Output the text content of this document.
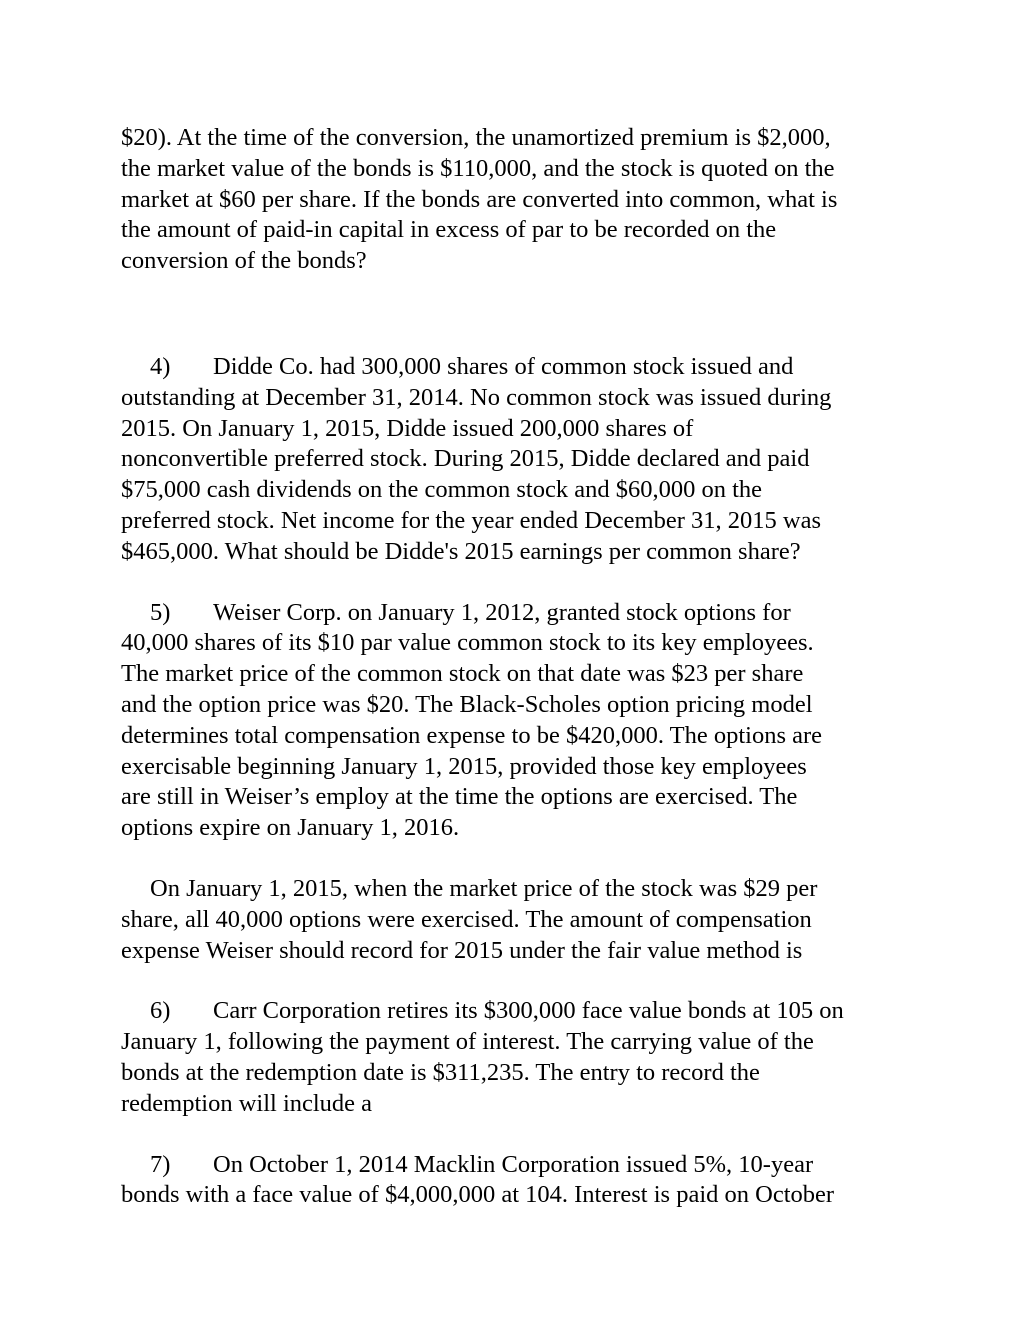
$20). At the time of the conversion, the unamortized premium is $2,000,
the market value of the bonds is $110,000, and the stock is quoted on the
market at $60 per share. If the bonds are converted into common, what is
the amount of paid-in capital in excess of par to be recorded on the
conversion of the bonds?
4) Didde Co. had 300,000 shares of common stock issued and
outstanding at December 31, 2014. No common stock was issued during
2015. On January 1, 2015, Didde issued 200,000 shares of
nonconvertible preferred stock. During 2015, Didde declared and paid
$75,000 cash dividends on the common stock and $60,000 on the
preferred stock. Net income for the year ended December 31, 2015 was
$465,000. What should be Didde's 2015 earnings per common share?
5) Weiser Corp. on January 1, 2012, granted stock options for
40,000 shares of its $10 par value common stock to its key employees.
The market price of the common stock on that date was $23 per share
and the option price was $20. The Black-Scholes option pricing model
determines total compensation expense to be $420,000. The options are
exercisable beginning January 1, 2015, provided those key employees
are still in Weiser’s employ at the time the options are exercised. The
options expire on January 1, 2016.
On January 1, 2015, when the market price of the stock was $29 per
share, all 40,000 options were exercised. The amount of compensation
expense Weiser should record for 2015 under the fair value method is
6) Carr Corporation retires its $300,000 face value bonds at 105 on
January 1, following the payment of interest. The carrying value of the
bonds at the redemption date is $311,235. The entry to record the
redemption will include a
7) On October 1, 2014 Macklin Corporation issued 5%, 10-year
bonds with a face value of $4,000,000 at 104. Interest is paid on October
